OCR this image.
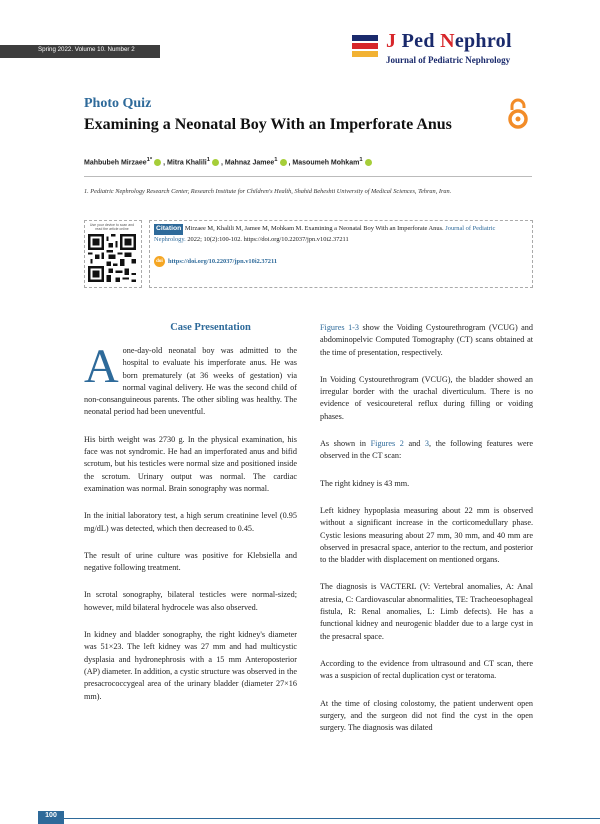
Spring 2022. Volume 10. Number 2	J Ped Nephrol
Journal of Pediatric Nephrology
Photo Quiz
Examining a Neonatal Boy With an Imperforate Anus
Mahbubeh Mirzaee$^{1*}$ , Mitra Khalili$^1$ , Mahnaz Jamee$^1$ , Masoumeh Mohkam$^1$
1. Pediatric Nephrology Research Center, Research Institute for Children's Health, Shahid Beheshti University of Medical Sciences, Tehran, Iran.
Use your device to scan and read the article online	Citation Mirzaee M, Khalili M, Jamee M, Mohkam M. Examining a Neonatal Boy With an Imperforate Anus. Journal of Pediatric Nephrology. 2022; 10(2):100-102. https://doi.org/10.22037/jpn.v10i2.37211
doi https://doi.org/10.22037/jpn.v10i2.37211
Case Presentation

Aone-day-old neonatal boy was admitted to the hospital to evaluate his imperforate anus. He was born prematurely (at 36 weeks of gestation) via normal vaginal delivery. He was the second child of non-consanguineous parents. The other sibling was healthy. The neonatal period had been uneventful.

His birth weight was 2730 g. In the physical examination, his face was not syndromic. He had an imperforated anus and bifid scrotum, but his testicles were normal size and positioned inside the scrotum. Urinary output was normal. The cardiac examination was normal. Brain sonography was normal.

In the initial laboratory test, a high serum creatinine level (0.95 mg/dL) was detected, which then decreased to 0.45.

The result of urine culture was positive for Klebsiella and negative following treatment.

In scrotal sonography, bilateral testicles were normal-sized; however, mild bilateral hydrocele was also observed.

In kidney and bladder sonography, the right kidney's diameter was 51×23. The left kidney was 27 mm and had multicystic dysplasia and hydronephrosis with a 15 mm Anteroposterior (AP) diameter. In addition, a cystic structure was observed in the presacrococcygeal area of the urinary bladder (diameter 27×16 mm).

Figures 1-3 show the Voiding Cystourethrogram (VCUG) and abdominopelvic Computed Tomography (CT) scans obtained at the time of presentation, respectively.

In Voiding Cystourethrogram (VCUG), the bladder showed an irregular border with the urachal diverticulum. There is no evidence of vesicoureteral reflux during filling or voiding phases.

As shown in Figures 2 and 3, the following features were observed in the CT scan:

The right kidney is 43 mm.

Left kidney hypoplasia measuring about 22 mm is observed without a significant increase in the corticomedullary phase. Cystic lesions measuring about 27 mm, 30 mm, and 40 mm are observed in presacral space, anterior to the rectum, and posterior to the bladder with displacement on mentioned organs.

The diagnosis is VACTERL (V: Vertebral anomalies, A: Anal atresia, C: Cardiovascular abnormalities, TE: Tracheoesophageal fistula, R: Renal anomalies, L: Limb defects). He has a functional kidney and neurogenic bladder due to a large cyst in the presacral space.

According to the evidence from ultrasound and CT scan, there was a suspicion of rectal duplication cyst or teratoma.

At the time of closing colostomy, the patient underwent open surgery, and the surgeon did not find the cyst in the open surgery. The diagnosis was dilated

100
